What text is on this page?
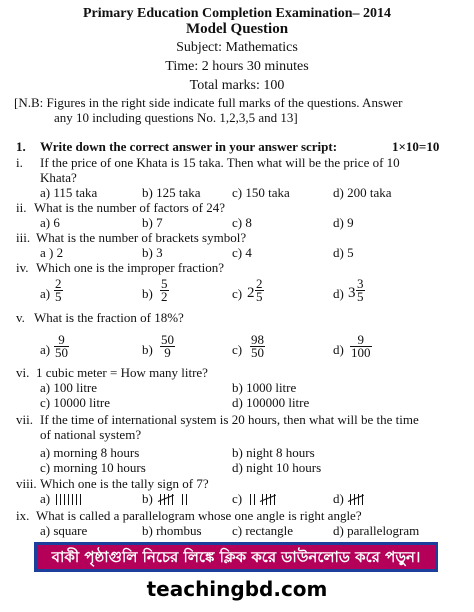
Primary Education Completion Examination– 2014
Model Question
Subject: Mathematics
Time: 2 hours 30 minutes
Total marks: 100
[N.B: Figures in the right side indicate full marks of the questions. Answer
any 10 including questions No. 1,2,3,5 and 13]
1. Write down the correct answer in your answer script:	1×10=10
i. If the price of one Khata is 15 taka. Then what will be the price of 10
Khata?
a) 115 taka	b) 125 taka c) 150 taka	d) 200 taka
ii. What is the number of factors of 24?
a) 6	b) 7	c) 8	d) 9
iii. What is the number of brackets symbol?
a ) 2	b) 3	c) 4	d) 5
iv. Which one is the improper fraction?
$a) \frac{2}{5}$	$b) \frac{5}{2}$	c) $2 \frac{2}{5}$	d) $3 \frac{3}{5}$
v. What is the fraction of 18%?
$a) \frac{9}{50}$	$b) \frac{50}{9}$	$c) \frac{98}{50}$	$d) \frac{9}{100}$
vi. 1 cubic meter = How many litre?
a) 100 litre	b) 1000 litre
c) 10000 litre	d) 100000 litre
vii. If the time of international system is 20 hours, then what will be the time
of national system?
a) morning 8 hours	b) night 8 hours
c) morning 10 hours	d) night 10 hours
viii. Which one is the tally sign of 7?
a)	b)	c)	d)
ix. What is called a parallelogram whose one angle is right angle?
a) square	b) rhombus c) rectangle	d) parallelogram
বাকী পৃষ্ঠাগুলি নিচের লিঙ্কে ক্লিক করে ডাউনলোড করে পড়ুন।
teachingbd.com
